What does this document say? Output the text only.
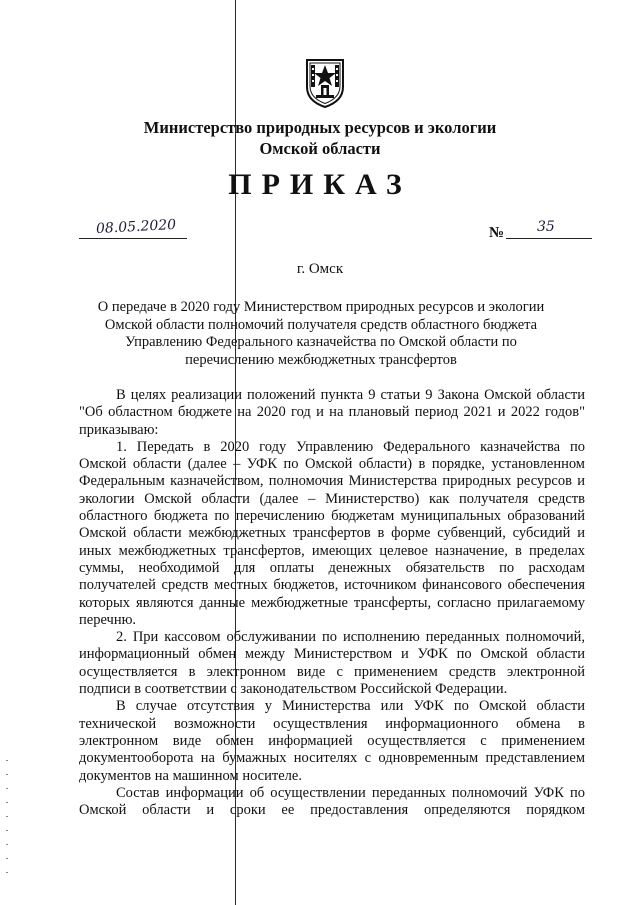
Министерство природных ресурсов и экологии
Омской области
ПРИКАЗ
08.05.2020	№ 35
г. Омск
О передаче в 2020 году Министерством природных ресурсов и экологии
Омской области полномочий получателя средств областного бюджета
Управлению Федерального казначейства по Омской области по
перечислению межбюджетных трансфертов

В целях реализации положений пункта 9 статьи 9 Закона Омской области "Об областном бюджете на 2020 год и на плановый период 2021 и 2022 годов" приказываю:

1. Передать в 2020 году Управлению Федерального казначейства по Омской области (далее – УФК по Омской области) в порядке, установленном Федеральным казначейством, полномочия Министерства природных ресурсов и экологии Омской области (далее – Министерство) как получателя средств областного бюджета по перечислению бюджетам муниципальных образований Омской области межбюджетных трансфертов в форме субвенций, субсидий и иных межбюджетных трансфертов, имеющих целевое назначение, в пределах суммы, необходимой для оплаты денежных обязательств по расходам получателей средств местных бюджетов, источником финансового обеспечения которых являются данные межбюджетные трансферты, согласно прилагаемому перечню.

2. При кассовом обслуживании по исполнению переданных полномочий, информационный обмен между Министерством и УФК по Омской области осуществляется в электронном виде с применением средств электронной подписи в соответствии с законодательством Российской Федерации.

В случае отсутствия у Министерства или УФК по Омской области технической возможности осуществления информационного обмена в электронном виде обмен информацией осуществляется с применением документооборота на бумажных носителях с одновременным представлением документов на машинном носителе.

Состав информации об осуществлении переданных полномочий УФК по Омской области и сроки ее предоставления определяются порядком
